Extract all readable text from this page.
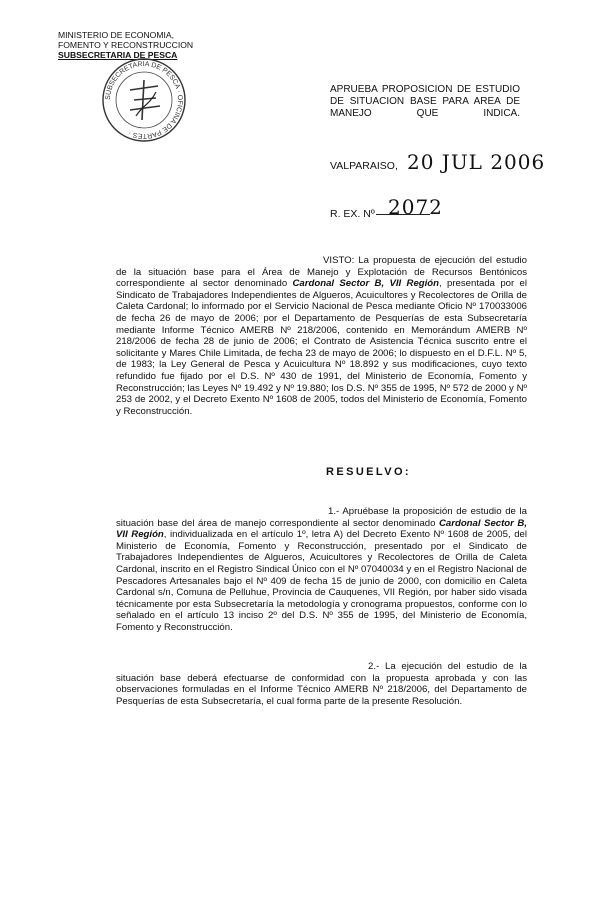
MINISTERIO DE ECONOMIA,
FOMENTO Y RECONSTRUCCION
SUBSECRETARIA DE PESCA
SUBSECRETARIA DE PESCA · OFICINA DE PARTES ·
APRUEBA PROPOSICION DE ESTUDIO DE SITUACION BASE PARA AREA DE MANEJO QUE INDICA.
VALPARAISO, 20 JUL 2006
R. EX. Nº 2072
VISTO: La propuesta de ejecución del estudio de la situación base para el Área de Manejo y Explotación de Recursos Bentónicos correspondiente al sector denominado Cardonal Sector B, VII Región, presentada por el Sindicato de Trabajadores Independientes de Algueros, Acuicultores y Recolectores de Orilla de Caleta Cardonal; lo informado por el Servicio Nacional de Pesca mediante Oficio Nº 170033006 de fecha 26 de mayo de 2006; por el Departamento de Pesquerías de esta Subsecretaría mediante Informe Técnico AMERB Nº 218/2006, contenido en Memorándum AMERB Nº 218/2006 de fecha 28 de junio de 2006; el Contrato de Asistencia Técnica suscrito entre el solicitante y Mares Chile Limitada, de fecha 23 de mayo de 2006; lo dispuesto en el D.F.L. Nº 5, de 1983; la Ley General de Pesca y Acuicultura Nº 18.892 y sus modificaciones, cuyo texto refundido fue fijado por el D.S. Nº 430 de 1991, del Ministerio de Economía, Fomento y Reconstrucción; las Leyes Nº 19.492 y Nº 19.880; los D.S. Nº 355 de 1995, Nº 572 de 2000 y Nº 253 de 2002, y el Decreto Exento Nº 1608 de 2005, todos del Ministerio de Economía, Fomento y Reconstrucción.
RESUELVO:
1.- Apruébase la proposición de estudio de la situación base del área de manejo correspondiente al sector denominado Cardonal Sector B, VII Región, individualizada en el artículo 1º, letra A) del Decreto Exento Nº 1608 de 2005, del Ministerio de Economía, Fomento y Reconstrucción, presentado por el Sindicato de Trabajadores Independientes de Algueros, Acuicultores y Recolectores de Orilla de Caleta Cardonal, inscrito en el Registro Sindical Único con el Nº 07040034 y en el Registro Nacional de Pescadores Artesanales bajo el Nº 409 de fecha 15 de junio de 2000, con domicilio en Caleta Cardonal s/n, Comuna de Pelluhue, Provincia de Cauquenes, VII Región, por haber sido visada técnicamente por esta Subsecretaría la metodología y cronograma propuestos, conforme con lo señalado en el artículo 13 inciso 2º del D.S. Nº 355 de 1995, del Ministerio de Economía, Fomento y Reconstrucción.
2.- La ejecución del estudio de la situación base deberá efectuarse de conformidad con la propuesta aprobada y con las observaciones formuladas en el Informe Técnico AMERB Nº 218/2006, del Departamento de Pesquerías de esta Subsecretaría, el cual forma parte de la presente Resolución.
